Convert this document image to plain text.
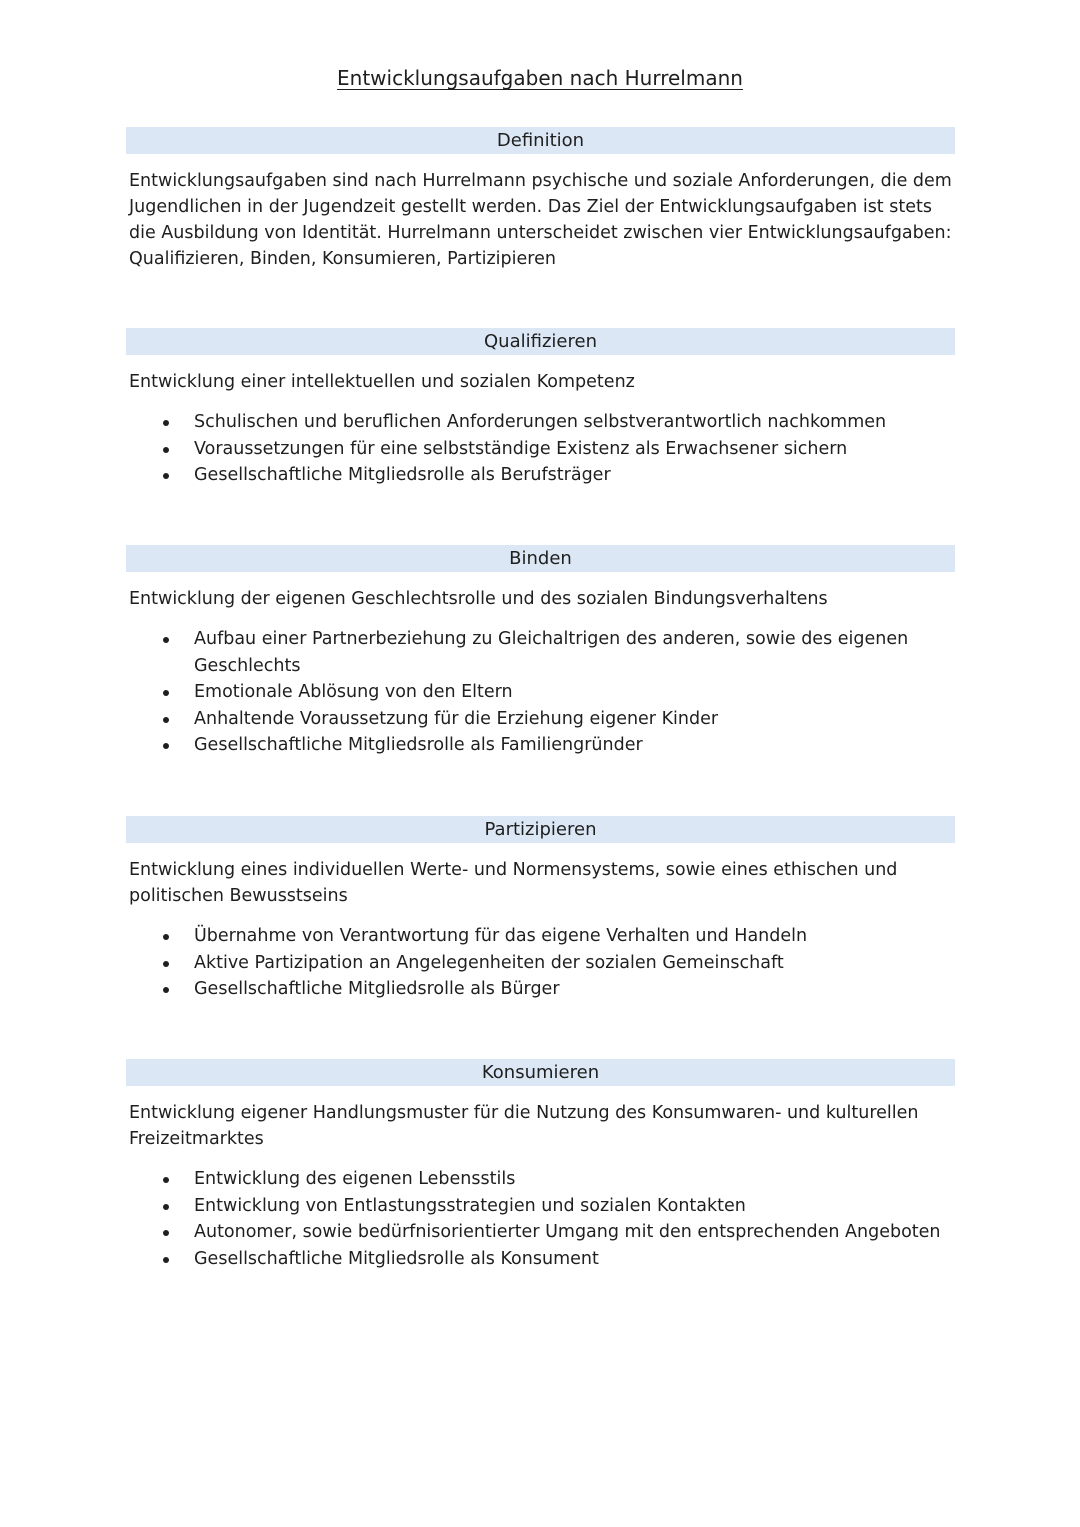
Entwicklungsaufgaben nach Hurrelmann
Definition

Entwicklungsaufgaben sind nach Hurrelmann psychische und soziale Anforderungen, die dem Jugendlichen in der Jugendzeit gestellt werden. Das Ziel der Entwicklungsaufgaben ist stets die Ausbildung von Identität. Hurrelmann unterscheidet zwischen vier Entwicklungsaufgaben: Qualifizieren, Binden, Konsumieren, Partizipieren

Qualifizieren

Entwicklung einer intellektuellen und sozialen Kompetenz

Schulischen und beruflichen Anforderungen selbstverantwortlich nachkommen
Voraussetzungen für eine selbstständige Existenz als Erwachsener sichern
Gesellschaftliche Mitgliedsrolle als Berufsträger
Binden

Entwicklung der eigenen Geschlechtsrolle und des sozialen Bindungsverhaltens

Aufbau einer Partnerbeziehung zu Gleichaltrigen des anderen, sowie des eigenen Geschlechts
Emotionale Ablösung von den Eltern
Anhaltende Voraussetzung für die Erziehung eigener Kinder
Gesellschaftliche Mitgliedsrolle als Familiengründer
Partizipieren

Entwicklung eines individuellen Werte- und Normensystems, sowie eines ethischen und politischen Bewusstseins

Übernahme von Verantwortung für das eigene Verhalten und Handeln
Aktive Partizipation an Angelegenheiten der sozialen Gemeinschaft
Gesellschaftliche Mitgliedsrolle als Bürger
Konsumieren

Entwicklung eigener Handlungsmuster für die Nutzung des Konsumwaren- und kulturellen Freizeitmarktes

Entwicklung des eigenen Lebensstils
Entwicklung von Entlastungsstrategien und sozialen Kontakten
Autonomer, sowie bedürfnisorientierter Umgang mit den entsprechenden Angeboten
Gesellschaftliche Mitgliedsrolle als Konsument
